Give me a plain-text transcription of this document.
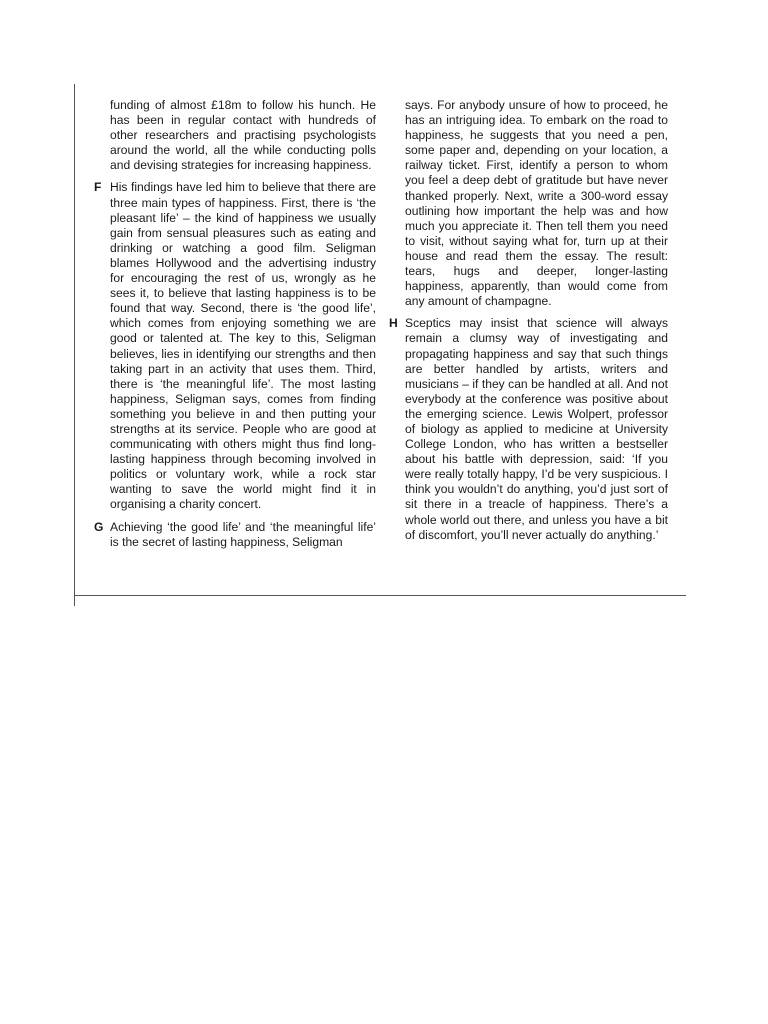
funding of almost £18m to follow his hunch. He has been in regular contact with hundreds of other researchers and practising psychologists around the world, all the while conducting polls and devising strategies for increasing happiness.
F His findings have led him to believe that there are three main types of happiness. First, there is ‘the pleasant life’ – the kind of happiness we usually gain from sensual pleasures such as eating and drinking or watching a good film. Seligman blames Hollywood and the advertising industry for encouraging the rest of us, wrongly as he sees it, to believe that lasting happiness is to be found that way. Second, there is ‘the good life’, which comes from enjoying something we are good or talented at. The key to this, Seligman believes, lies in identifying our strengths and then taking part in an activity that uses them. Third, there is ‘the meaningful life’. The most lasting happiness, Seligman says, comes from finding something you believe in and then putting your strengths at its service. People who are good at communicating with others might thus find long-lasting happiness through becoming involved in politics or voluntary work, while a rock star wanting to save the world might find it in organising a charity concert.
G Achieving ‘the good life’ and ‘the meaningful life’ is the secret of lasting happiness, Seligman
says. For anybody unsure of how to proceed, he has an intriguing idea. To embark on the road to happiness, he suggests that you need a pen, some paper and, depending on your location, a railway ticket. First, identify a person to whom you feel a deep debt of gratitude but have never thanked properly. Next, write a 300-word essay outlining how important the help was and how much you appreciate it. Then tell them you need to visit, without saying what for, turn up at their house and read them the essay. The result: tears, hugs and deeper, longer-lasting happiness, apparently, than would come from any amount of champagne.
H Sceptics may insist that science will always remain a clumsy way of investigating and propagating happiness and say that such things are better handled by artists, writers and musicians – if they can be handled at all. And not everybody at the conference was positive about the emerging science. Lewis Wolpert, professor of biology as applied to medicine at University College London, who has written a bestseller about his battle with depression, said: ‘If you were really totally happy, I’d be very suspicious. I think you wouldn’t do anything, you’d just sort of sit there in a treacle of happiness. There’s a whole world out there, and unless you have a bit of discomfort, you’ll never actually do anything.’
